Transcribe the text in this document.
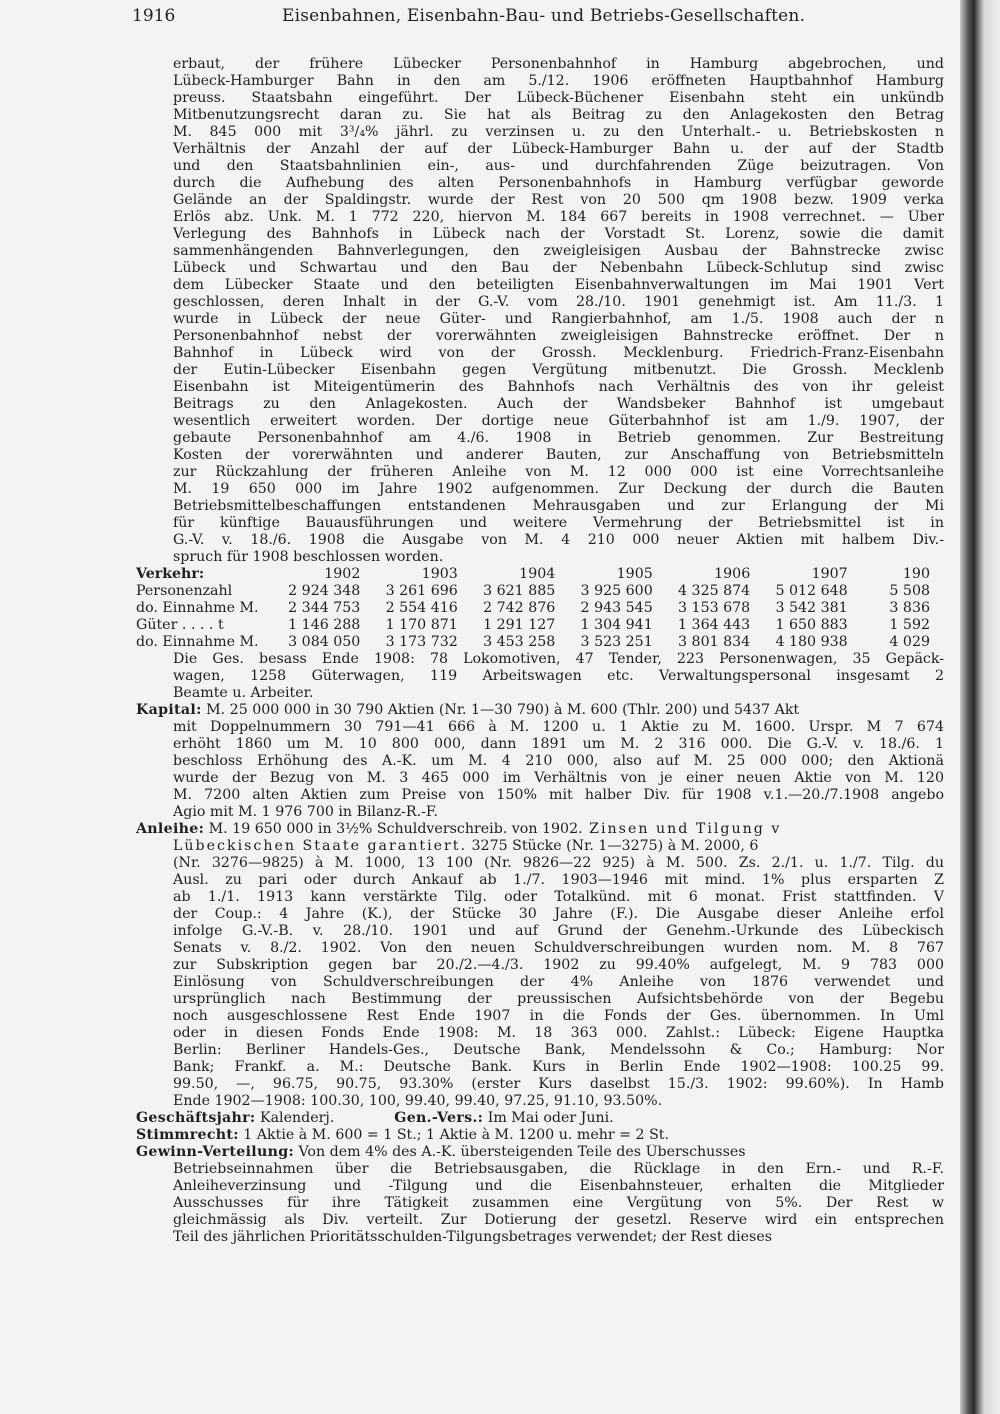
1916	Eisenbahnen, Eisenbahn-Bau- und Betriebs-Gesellschaften.
erbaut, der frühere Lübecker Personenbahnhof in Hamburg abgebrochen, und
Lübeck-Hamburger Bahn in den am 5./12. 1906 eröffneten Hauptbahnhof Hamburg
preuss. Staatsbahn eingeführt. Der Lübeck-Büchener Eisenbahn steht ein unkündb
Mitbenutzungsrecht daran zu. Sie hat als Beitrag zu den Anlagekosten den Betrag
M. 845 000 mit 3³/₄% jährl. zu verzinsen u. zu den Unterhalt.- u. Betriebskosten n
Verhältnis der Anzahl der auf der Lübeck-Hamburger Bahn u. der auf der Stadtb
und den Staatsbahnlinien ein-, aus- und durchfahrenden Züge beizutragen. Von
durch die Aufhebung des alten Personenbahnhofs in Hamburg verfügbar geworde
Gelände an der Spaldingstr. wurde der Rest von 20 500 qm 1908 bezw. 1909 verka
Erlös abz. Unk. M. 1 772 220, hiervon M. 184 667 bereits in 1908 verrechnet. — Über
Verlegung des Bahnhofs in Lübeck nach der Vorstadt St. Lorenz, sowie die damit
sammenhängenden Bahnverlegungen, den zweigleisigen Ausbau der Bahnstrecke zwisc
Lübeck und Schwartau und den Bau der Nebenbahn Lübeck-Schlutup sind zwisc
dem Lübecker Staate und den beteiligten Eisenbahnverwaltungen im Mai 1901 Vert
geschlossen, deren Inhalt in der G.-V. vom 28./10. 1901 genehmigt ist. Am 11./3. 1
wurde in Lübeck der neue Güter- und Rangierbahnhof, am 1./5. 1908 auch der n
Personenbahnhof nebst der vorerwähnten zweigleisigen Bahnstrecke eröffnet. Der n
Bahnhof in Lübeck wird von der Grossh. Mecklenburg. Friedrich-Franz-Eisenbahn
der Eutin-Lübecker Eisenbahn gegen Vergütung mitbenutzt. Die Grossh. Mecklenb
Eisenbahn ist Miteigentümerin des Bahnhofs nach Verhältnis des von ihr geleist
Beitrags zu den Anlagekosten. Auch der Wandsbeker Bahnhof ist umgebaut
wesentlich erweitert worden. Der dortige neue Güterbahnhof ist am 1./9. 1907, der
gebaute Personenbahnhof am 4./6. 1908 in Betrieb genommen. Zur Bestreitung
Kosten der vorerwähnten und anderer Bauten, zur Anschaffung von Betriebsmitteln
zur Rückzahlung der früheren Anleihe von M. 12 000 000 ist eine Vorrechtsanleihe
M. 19 650 000 im Jahre 1902 aufgenommen. Zur Deckung der durch die Bauten
Betriebsmittelbeschaffungen entstandenen Mehrausgaben und zur Erlangung der Mi
für künftige Bauausführungen und weitere Vermehrung der Betriebsmittel ist in
G.-V. v. 18./6. 1908 die Ausgabe von M. 4 210 000 neuer Aktien mit halbem Div.-
spruch für 1908 beschlossen worden.
Verkehr:	1902	1903	1904	1905	1906	1907	190
Personenzahl	2 924 348	3 261 696	3 621 885	3 925 600	4 325 874	5 012 648	5 508
do. Einnahme M.	2 344 753	2 554 416	2 742 876	2 943 545	3 153 678	3 542 381	3 836
Güter . . . . t	1 146 288	1 170 871	1 291 127	1 304 941	1 364 443	1 650 883	1 592
do. Einnahme M.	3 084 050	3 173 732	3 453 258	3 523 251	3 801 834	4 180 938	4 029
Die Ges. besass Ende 1908: 78 Lokomotiven, 47 Tender, 223 Personenwagen, 35 Gepäck-
wagen, 1258 Güterwagen, 119 Arbeitswagen etc. Verwaltungspersonal insgesamt 2
Beamte u. Arbeiter.
Kapital: M. 25 000 000 in 30 790 Aktien (Nr. 1—30 790) à M. 600 (Thlr. 200) und 5437 Akt
mit Doppelnummern 30 791—41 666 à M. 1200 u. 1 Aktie zu M. 1600. Urspr. M 7 674
erhöht 1860 um M. 10 800 000, dann 1891 um M. 2 316 000. Die G.-V. v. 18./6. 1
beschloss Erhöhung des A.-K. um M. 4 210 000, also auf M. 25 000 000; den Aktionä
wurde der Bezug von M. 3 465 000 im Verhältnis von je einer neuen Aktie von M. 120
M. 7200 alten Aktien zum Preise von 150% mit halber Div. für 1908 v.1.—20./7.1908 angebo
Agio mit M. 1 976 700 in Bilanz-R.-F.
Anleihe: M. 19 650 000 in 3½% Schuldverschreib. von 1902. Zinsen und Tilgung v
Lübeckischen Staate garantiert. 3275 Stücke (Nr. 1—3275) à M. 2000, 6
(Nr. 3276—9825) à M. 1000, 13 100 (Nr. 9826—22 925) à M. 500. Zs. 2./1. u. 1./7. Tilg. du
Ausl. zu pari oder durch Ankauf ab 1./7. 1903—1946 mit mind. 1% plus ersparten Z
ab 1./1. 1913 kann verstärkte Tilg. oder Totalkünd. mit 6 monat. Frist stattfinden. V
der Coup.: 4 Jahre (K.), der Stücke 30 Jahre (F.). Die Ausgabe dieser Anleihe erfol
infolge G.-V.-B. v. 28./10. 1901 und auf Grund der Genehm.-Urkunde des Lübeckisch
Senats v. 8./2. 1902. Von den neuen Schuldverschreibungen wurden nom. M. 8 767
zur Subskription gegen bar 20./2.—4./3. 1902 zu 99.40% aufgelegt, M. 9 783 000
Einlösung von Schuldverschreibungen der 4% Anleihe von 1876 verwendet und
ursprünglich nach Bestimmung der preussischen Aufsichtsbehörde von der Begebu
noch ausgeschlossene Rest Ende 1907 in die Fonds der Ges. übernommen. In Uml
oder in diesen Fonds Ende 1908: M. 18 363 000. Zahlst.: Lübeck: Eigene Hauptka
Berlin: Berliner Handels-Ges., Deutsche Bank, Mendelssohn & Co.; Hamburg: Nor
Bank; Frankf. a. M.: Deutsche Bank. Kurs in Berlin Ende 1902—1908: 100.25 99.
99.50, —, 96.75, 90.75, 93.30% (erster Kurs daselbst 15./3. 1902: 99.60%). In Hamb
Ende 1902—1908: 100.30, 100, 99.40, 99.40, 97.25, 91.10, 93.50%.
Geschäftsjahr: Kalenderj.	Gen.-Vers.: Im Mai oder Juni.
Stimmrecht: 1 Aktie à M. 600 = 1 St.; 1 Aktie à M. 1200 u. mehr = 2 St.
Gewinn-Verteilung: Von dem 4% des A.-K. übersteigenden Teile des Überschusses
Betriebseinnahmen über die Betriebsausgaben, die Rücklage in den Ern.- und R.-F.
Anleiheverzinsung und -Tilgung und die Eisenbahnsteuer, erhalten die Mitglieder
Ausschusses für ihre Tätigkeit zusammen eine Vergütung von 5%. Der Rest w
gleichmässig als Div. verteilt. Zur Dotierung der gesetzl. Reserve wird ein entsprechen
Teil des jährlichen Prioritätsschulden-Tilgungsbetrages verwendet; der Rest dieses
